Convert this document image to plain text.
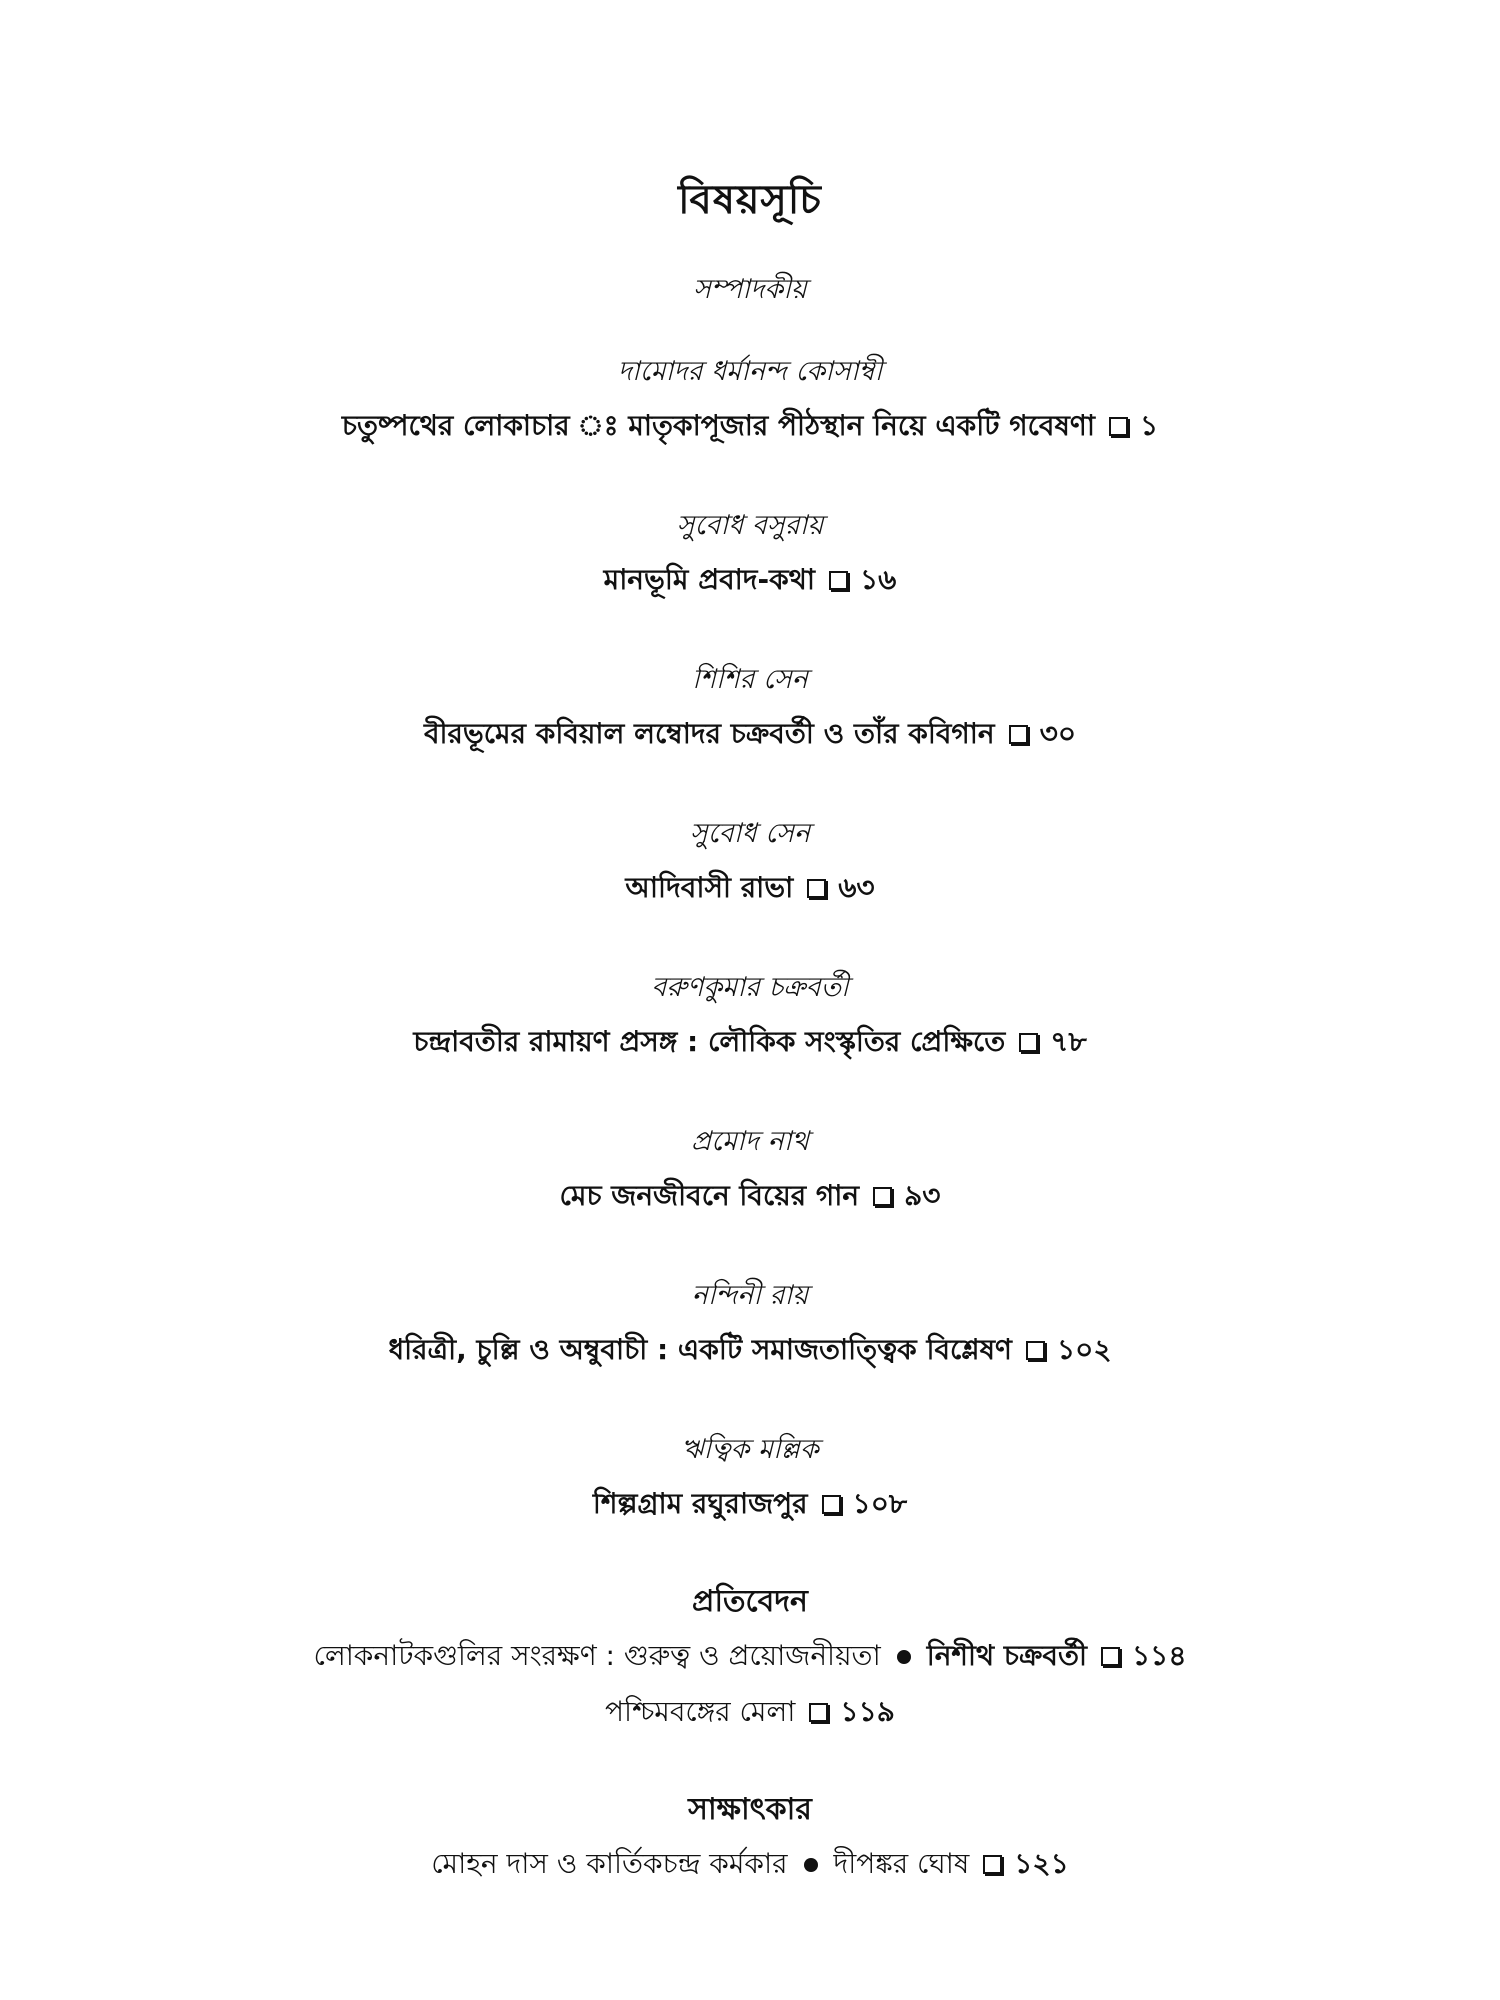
বিষয়সূচি
সম্পাদকীয়
দামোদর ধর্মানন্দ কোসাম্বী
চতুষ্পথের লোকাচার ঃ মাতৃকাপূজার পীঠস্থান নিয়ে একটি গবেষণা ১
সুবোধ বসুরায়
মানভূমি প্রবাদ-কথা ১৬
শিশির সেন
বীরভূমের কবিয়াল লম্বোদর চক্রবর্তী ও তাঁর কবিগান ৩০
সুবোধ সেন
আদিবাসী রাভা ৬৩
বরুণকুমার চক্রবর্তী
চন্দ্রাবতীর রামায়ণ প্রসঙ্গ : লৌকিক সংস্কৃতির প্রেক্ষিতে ৭৮
প্রমোদ নাথ
মেচ জনজীবনে বিয়ের গান ৯৩
নন্দিনী রায়
ধরিত্রী, চুল্লি ও অম্বুবাচী : একটি সমাজতাত্ত্বিক বিশ্লেষণ ১০২
ঋত্বিক মল্লিক
শিল্পগ্রাম রঘুরাজপুর ১০৮
প্রতিবেদন
লোকনাটকগুলির সংরক্ষণ : গুরুত্ব ও প্রয়োজনীয়তা নিশীথ চক্রবর্তী ১১৪
পশ্চিমবঙ্গের মেলা ১১৯
সাক্ষাৎকার
মোহন দাস ও কার্তিকচন্দ্র কর্মকার দীপঙ্কর ঘোষ ১২১
